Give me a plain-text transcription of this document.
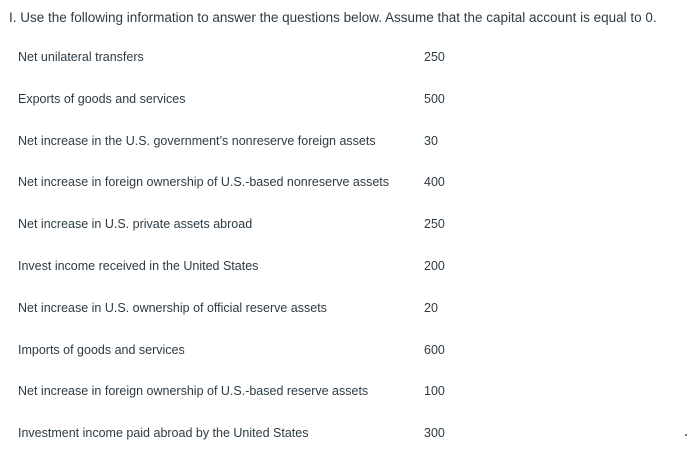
I. Use the following information to answer the questions below. Assume that the capital account is equal to 0.
Net unilateral transfers	250
Exports of goods and services	500
Net increase in the U.S. government’s nonreserve foreign assets	30
Net increase in foreign ownership of U.S.-based nonreserve assets	400
Net increase in U.S. private assets abroad	250
Invest income received in the United States	200
Net increase in U.S. ownership of official reserve assets	20
Imports of goods and services	600
Net increase in foreign ownership of U.S.-based reserve assets	100
Investment income paid abroad by the United States	300
